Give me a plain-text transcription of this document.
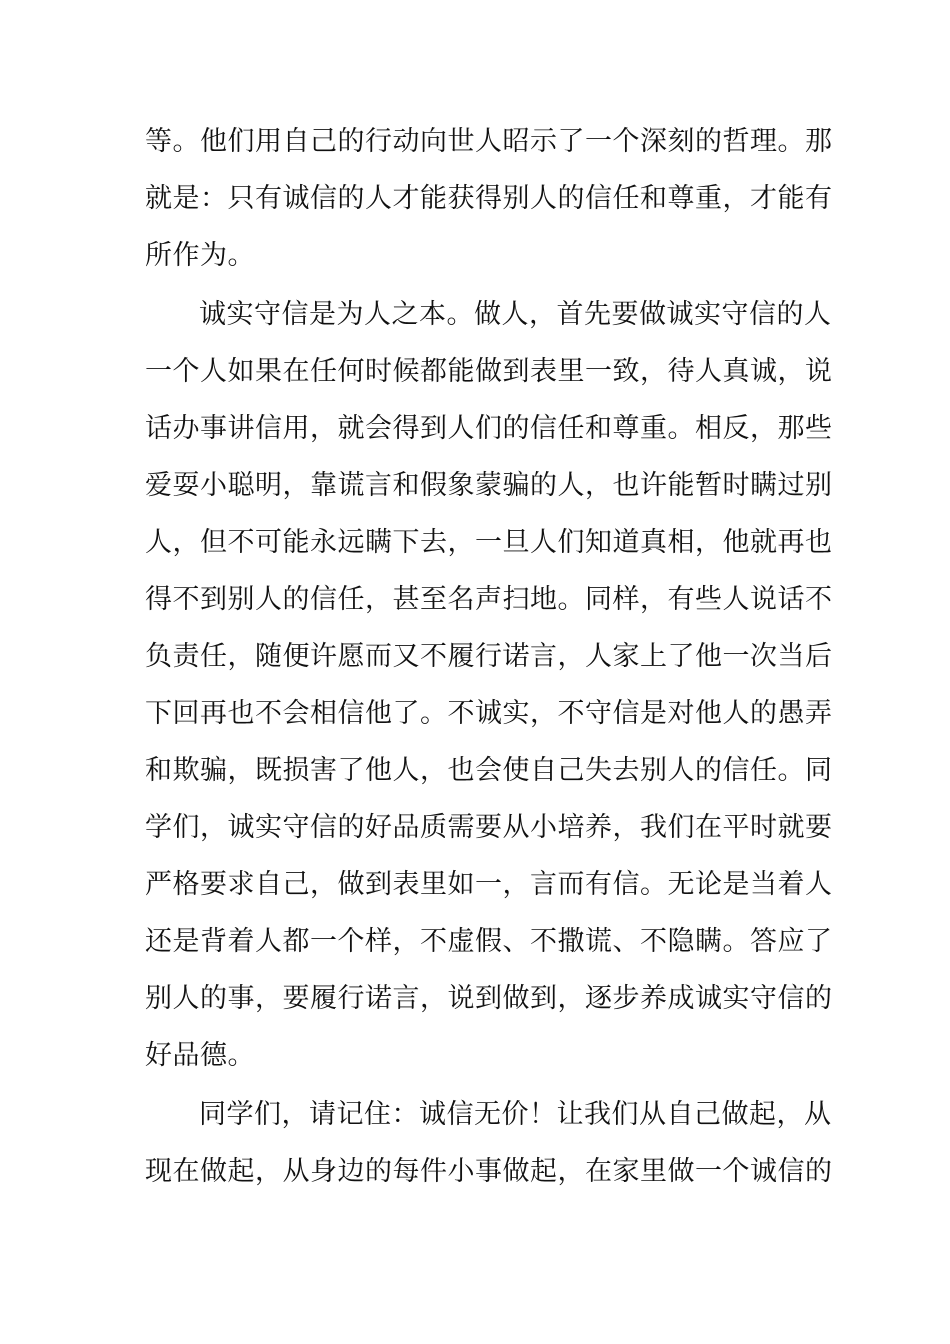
等。他们用自己的行动向世人昭示了一个深刻的哲理。那
就是：只有诚信的人才能获得别人的信任和尊重，才能有
所作为。
诚实守信是为人之本。做人，首先要做诚实守信的人
一个人如果在任何时候都能做到表里一致，待人真诚，说
话办事讲信用，就会得到人们的信任和尊重。相反，那些
爱耍小聪明，靠谎言和假象蒙骗的人，也许能暂时瞒过别
人，但不可能永远瞒下去，一旦人们知道真相，他就再也
得不到别人的信任，甚至名声扫地。同样，有些人说话不
负责任，随便许愿而又不履行诺言，人家上了他一次当后
下回再也不会相信他了。不诚实，不守信是对他人的愚弄
和欺骗，既损害了他人，也会使自己失去别人的信任。同
学们，诚实守信的好品质需要从小培养，我们在平时就要
严格要求自己，做到表里如一，言而有信。无论是当着人
还是背着人都一个样，不虚假、不撒谎、不隐瞒。答应了
别人的事，要履行诺言，说到做到，逐步养成诚实守信的
好品德。
同学们，请记住：诚信无价！让我们从自己做起，从
现在做起，从身边的每件小事做起，在家里做一个诚信的
